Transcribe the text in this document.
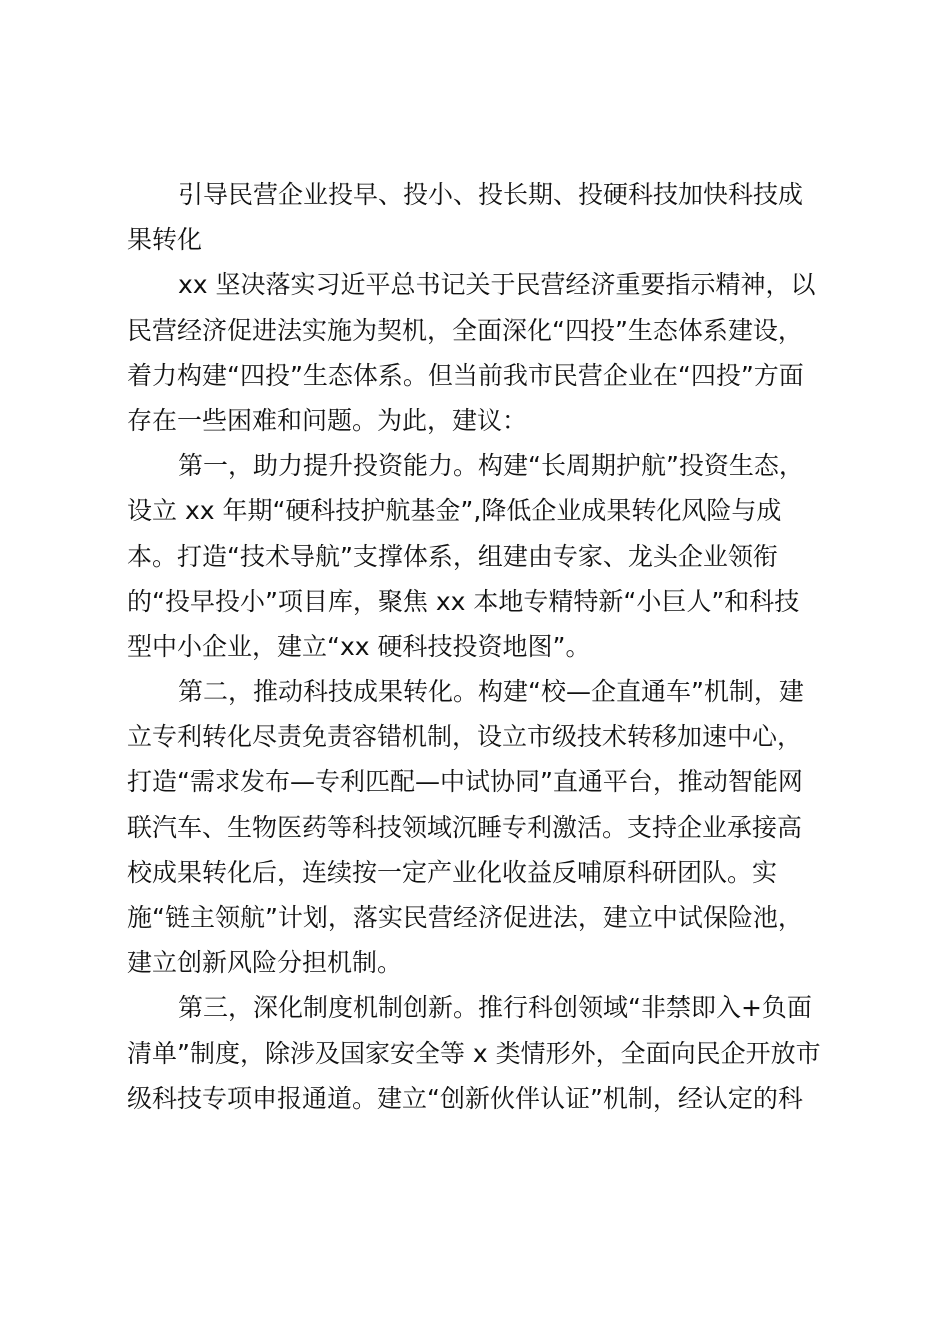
引导民营企业投早、投小、投长期、投硬科技加快科技成
果转化
xx 坚决落实习近平总书记关于民营经济重要指示精神，以
民营经济促进法实施为契机，全面深化“四投”生态体系建设，
着力构建“四投”生态体系。但当前我市民营企业在“四投”方面
存在一些困难和问题。为此，建议：
第一，助力提升投资能力。构建“长周期护航”投资生态，
设立 xx 年期“硬科技护航基金”,降低企业成果转化风险与成
本。打造“技术导航”支撑体系，组建由专家、龙头企业领衔
的“投早投小”项目库，聚焦 xx 本地专精特新“小巨人”和科技
型中小企业，建立“xx 硬科技投资地图”。
第二，推动科技成果转化。构建“校—企直通车”机制，建
立专利转化尽责免责容错机制，设立市级技术转移加速中心，
打造“需求发布—专利匹配—中试协同”直通平台，推动智能网
联汽车、生物医药等科技领域沉睡专利激活。支持企业承接高
校成果转化后，连续按一定产业化收益反哺原科研团队。实
施“链主领航”计划，落实民营经济促进法，建立中试保险池，
建立创新风险分担机制。
第三，深化制度机制创新。推行科创领域“非禁即入+负面
清单”制度，除涉及国家安全等 x 类情形外，全面向民企开放市
级科技专项申报通道。建立“创新伙伴认证”机制，经认定的科
